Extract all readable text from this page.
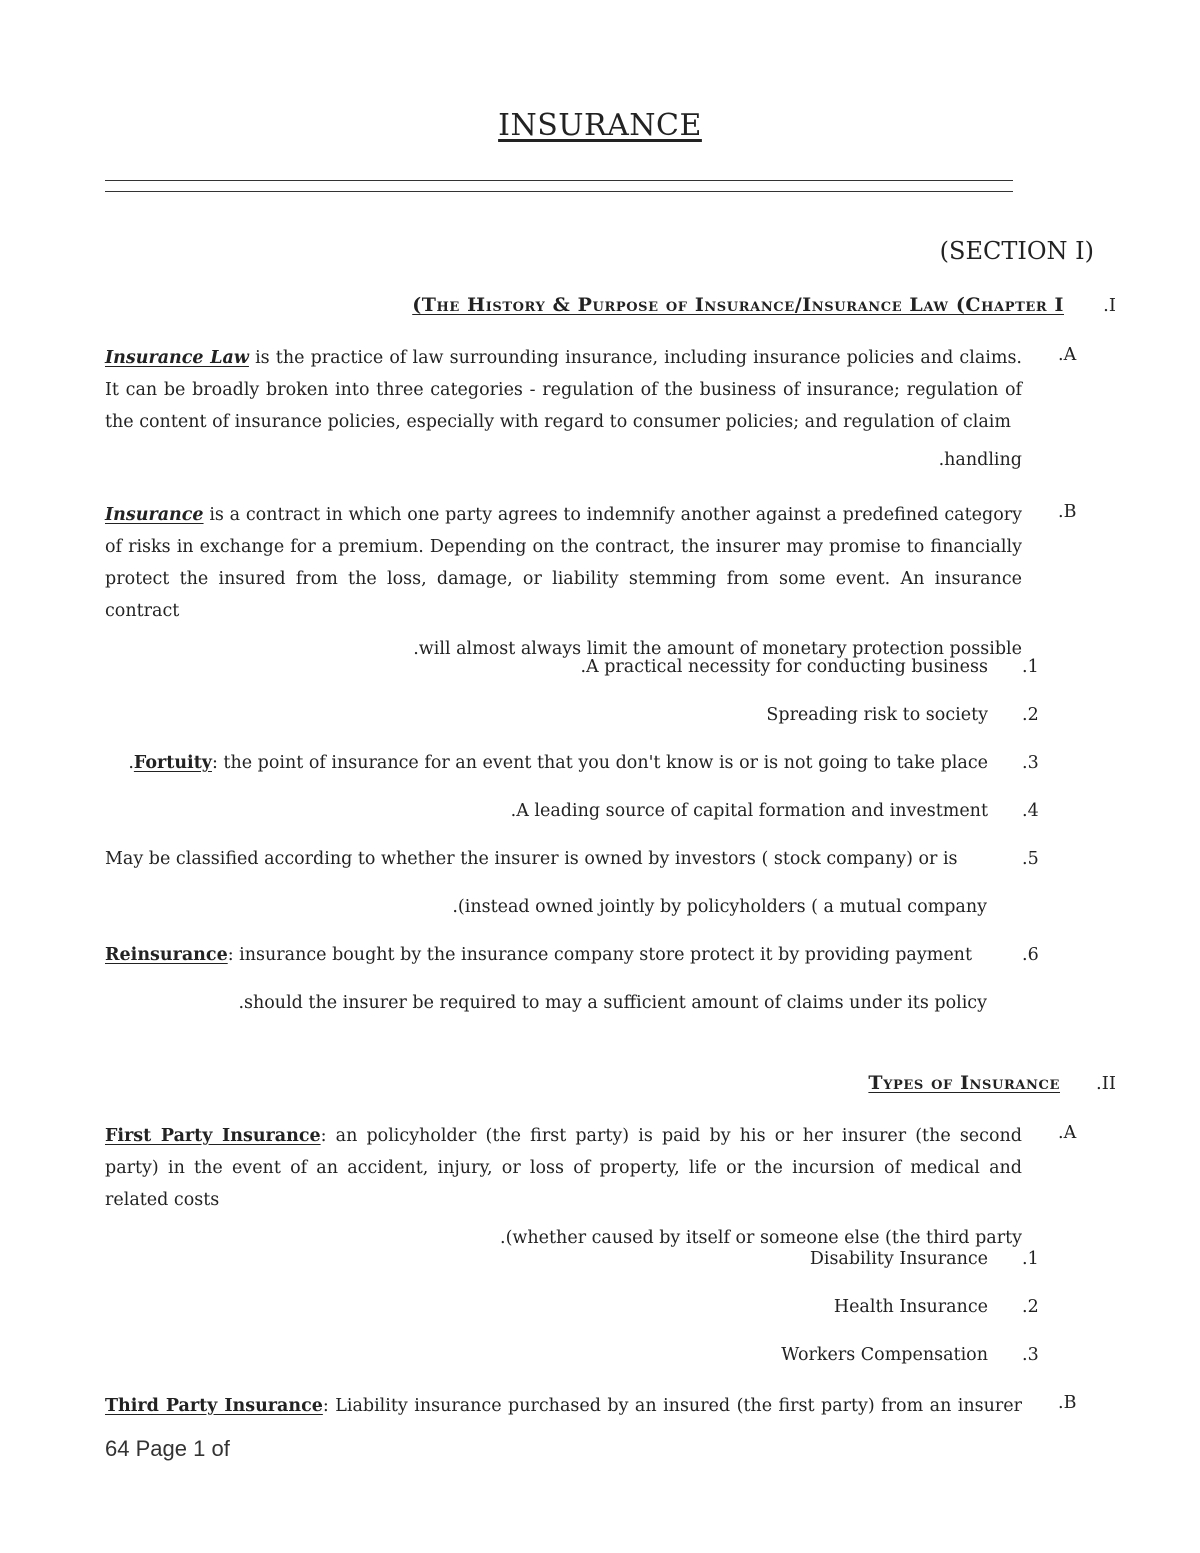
INSURANCE
(SECTION I)
(The History & Purpose of Insurance/Insurance Law (Chapter I .I
.A
Insurance Law is the practice of law surrounding insurance, including insurance policies and claims. It can be broadly broken into three categories - regulation of the business of insurance; regulation of the content of insurance policies, especially with regard to consumer policies; and regulation of claim
.handling
.B
Insurance is a contract in which one party agrees to indemnify another against a predefined category of risks in exchange for a premium. Depending on the contract, the insurer may promise to financially protect the insured from the loss, damage, or liability stemming from some event. An insurance contract
.will almost always limit the amount of monetary protection possible
.1
.A practical necessity for conducting business
.2
Spreading risk to society
.3
.Fortuity: the point of insurance for an event that you don't know is or is not going to take place
.4
.A leading source of capital formation and investment
.5
May be classified according to whether the insurer is owned by investors ( stock company) or is
.(instead owned jointly by policyholders ( a mutual company
.6
Reinsurance: insurance bought by the insurance company store protect it by providing payment
.should the insurer be required to may a sufficient amount of claims under its policy
Types of Insurance .II
.A
First Party Insurance: an policyholder (the first party) is paid by his or her insurer (the second party) in the event of an accident, injury, or loss of property, life or the incursion of medical and related costs
.(whether caused by itself or someone else (the third party
.1
Disability Insurance
.2
Health Insurance
.3
Workers Compensation
.B
Third Party Insurance: Liability insurance purchased by an insured (the first party) from an insurer
64 Page 1 of
